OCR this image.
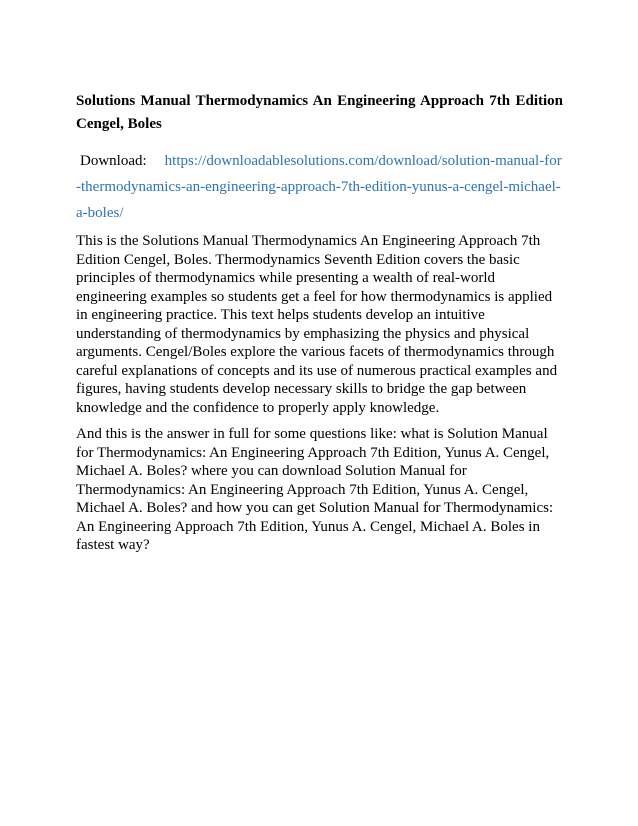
Solutions Manual Thermodynamics An Engineering Approach 7th Edition Cengel, Boles

Download: https://downloadablesolutions.com/download/solution-manual-for-thermodynamics-an-engineering-approach-7th-edition-yunus-a-cengel-michael-a-boles/

This is the Solutions Manual Thermodynamics An Engineering Approach 7th Edition Cengel, Boles. Thermodynamics Seventh Edition covers the basic principles of thermodynamics while presenting a wealth of real-world engineering examples so students get a feel for how thermodynamics is applied in engineering practice. This text helps students develop an intuitive understanding of thermodynamics by emphasizing the physics and physical arguments. Cengel/Boles explore the various facets of thermodynamics through careful explanations of concepts and its use of numerous practical examples and figures, having students develop necessary skills to bridge the gap between knowledge and the confidence to properly apply knowledge.

And this is the answer in full for some questions like: what is Solution Manual for Thermodynamics: An Engineering Approach 7th Edition, Yunus A. Cengel, Michael A. Boles? where you can download Solution Manual for Thermodynamics: An Engineering Approach 7th Edition, Yunus A. Cengel, Michael A. Boles? and how you can get Solution Manual for Thermodynamics: An Engineering Approach 7th Edition, Yunus A. Cengel, Michael A. Boles in fastest way?
